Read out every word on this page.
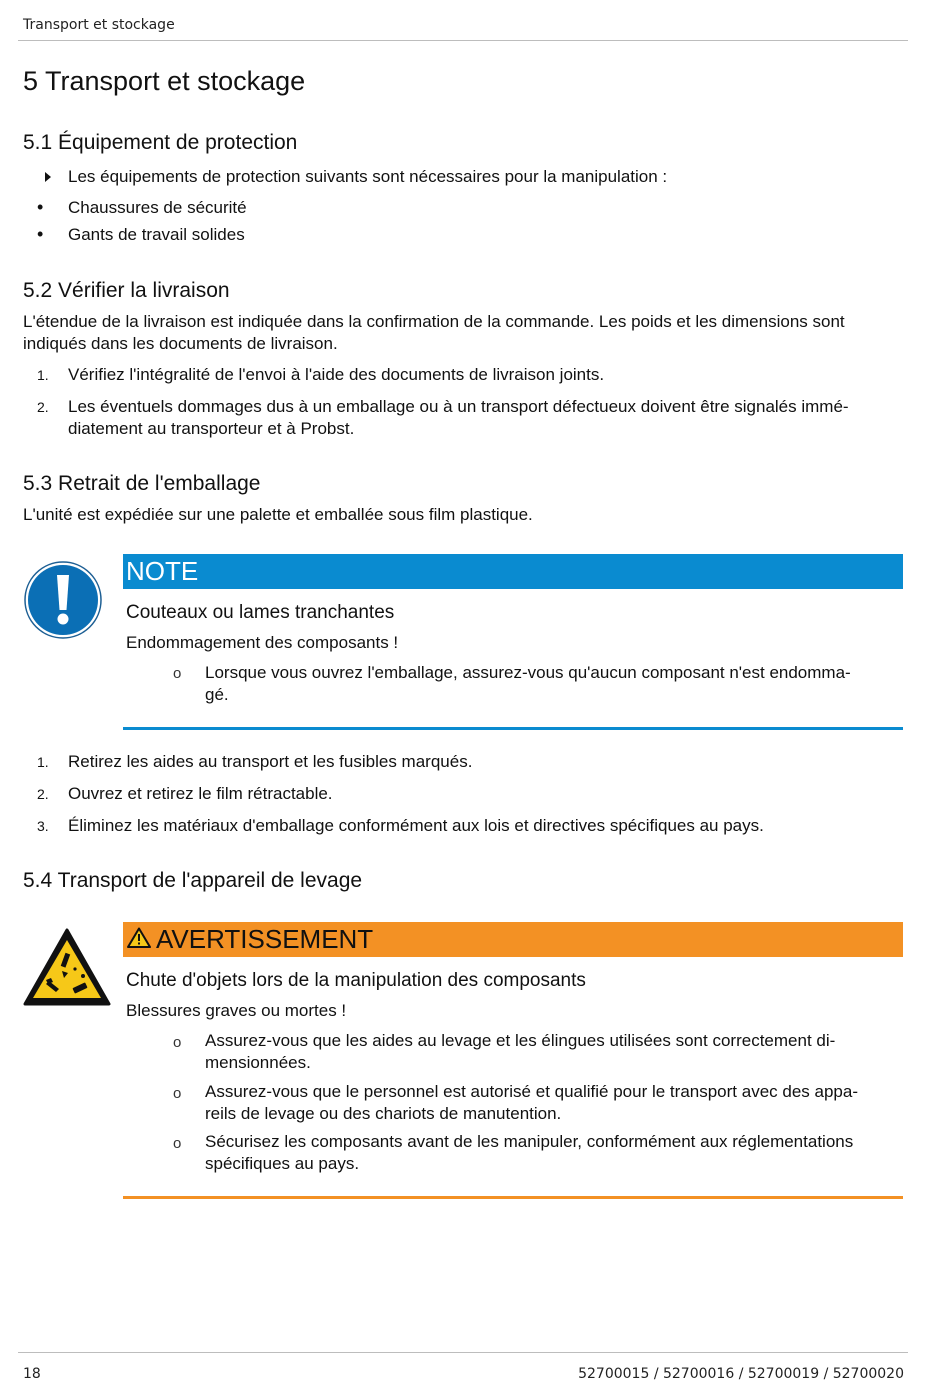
Transport et stockage
5 Transport et stockage
5.1 Équipement de protection
Les équipements de protection suivants sont nécessaires pour la manipulation :
• Chaussures de sécurité
• Gants de travail solides
5.2 Vérifier la livraison
L'étendue de la livraison est indiquée dans la confirmation de la commande. Les poids et les dimensions sont
indiqués dans les documents de livraison.
1. Vérifiez l'intégralité de l'envoi à l'aide des documents de livraison joints.
2. Les éventuels dommages dus à un emballage ou à un transport défectueux doivent être signalés immé-
diatement au transporteur et à Probst.
5.3 Retrait de l'emballage
L'unité est expédiée sur une palette et emballée sous film plastique.
NOTE
Couteaux ou lames tranchantes
Endommagement des composants !
o Lorsque vous ouvrez l'emballage, assurez-vous qu'aucun composant n'est endomma-
gé.
1. Retirez les aides au transport et les fusibles marqués.
2. Ouvrez et retirez le film rétractable.
3. Éliminez les matériaux d'emballage conformément aux lois et directives spécifiques au pays.
5.4 Transport de l'appareil de levage
AVERTISSEMENT
Chute d'objets lors de la manipulation des composants
Blessures graves ou mortes !
o Assurez-vous que les aides au levage et les élingues utilisées sont correctement di-
mensionnées.
o Assurez-vous que le personnel est autorisé et qualifié pour le transport avec des appa-
reils de levage ou des chariots de manutention.
o Sécurisez les composants avant de les manipuler, conformément aux réglementations
spécifiques au pays.
18	52700015 / 52700016 / 52700019 / 52700020
